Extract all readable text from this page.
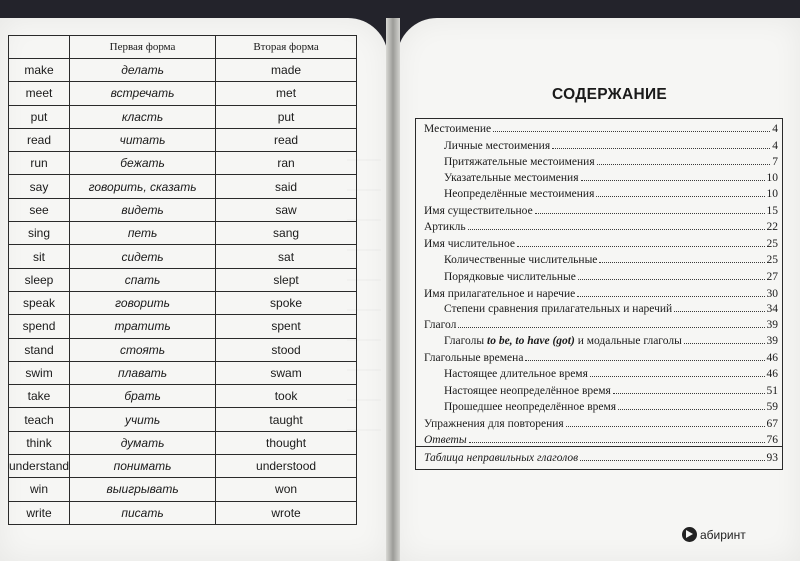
	Первая форма	Вторая форма
make	делать	made
meet	встречать	met
put	класть	put
read	читать	read
run	бежать	ran
say	говорить, сказать	said
see	видеть	saw
sing	петь	sang
sit	сидеть	sat
sleep	спать	slept
speak	говорить	spoke
spend	тратить	spent
stand	стоять	stood
swim	плавать	swam
take	брать	took
teach	учить	taught
think	думать	thought
understand	понимать	understood
win	выигрывать	won
write	писать	wrote
СОДЕРЖАНИЕ
Местоимение	4
Личные местоимения	4
Притяжательные местоимения	7
Указательные местоимения	10
Неопределённые местоимения	10
Имя существительное	15
Артикль	22
Имя числительное	25
Количественные числительные	25
Порядковые числительные	27
Имя прилагательное и наречие	30
Степени сравнения прилагательных и наречий	34
Глагол	39
Глаголы to be, to have (got) и модальные глаголы	39
Глагольные времена	46
Настоящее длительное время	46
Настоящее неопределённое время	51
Прошедшее неопределённое время	59
Упражнения для повторения	67
Ответы	76
Таблица неправильных глаголов	93
абиринт
